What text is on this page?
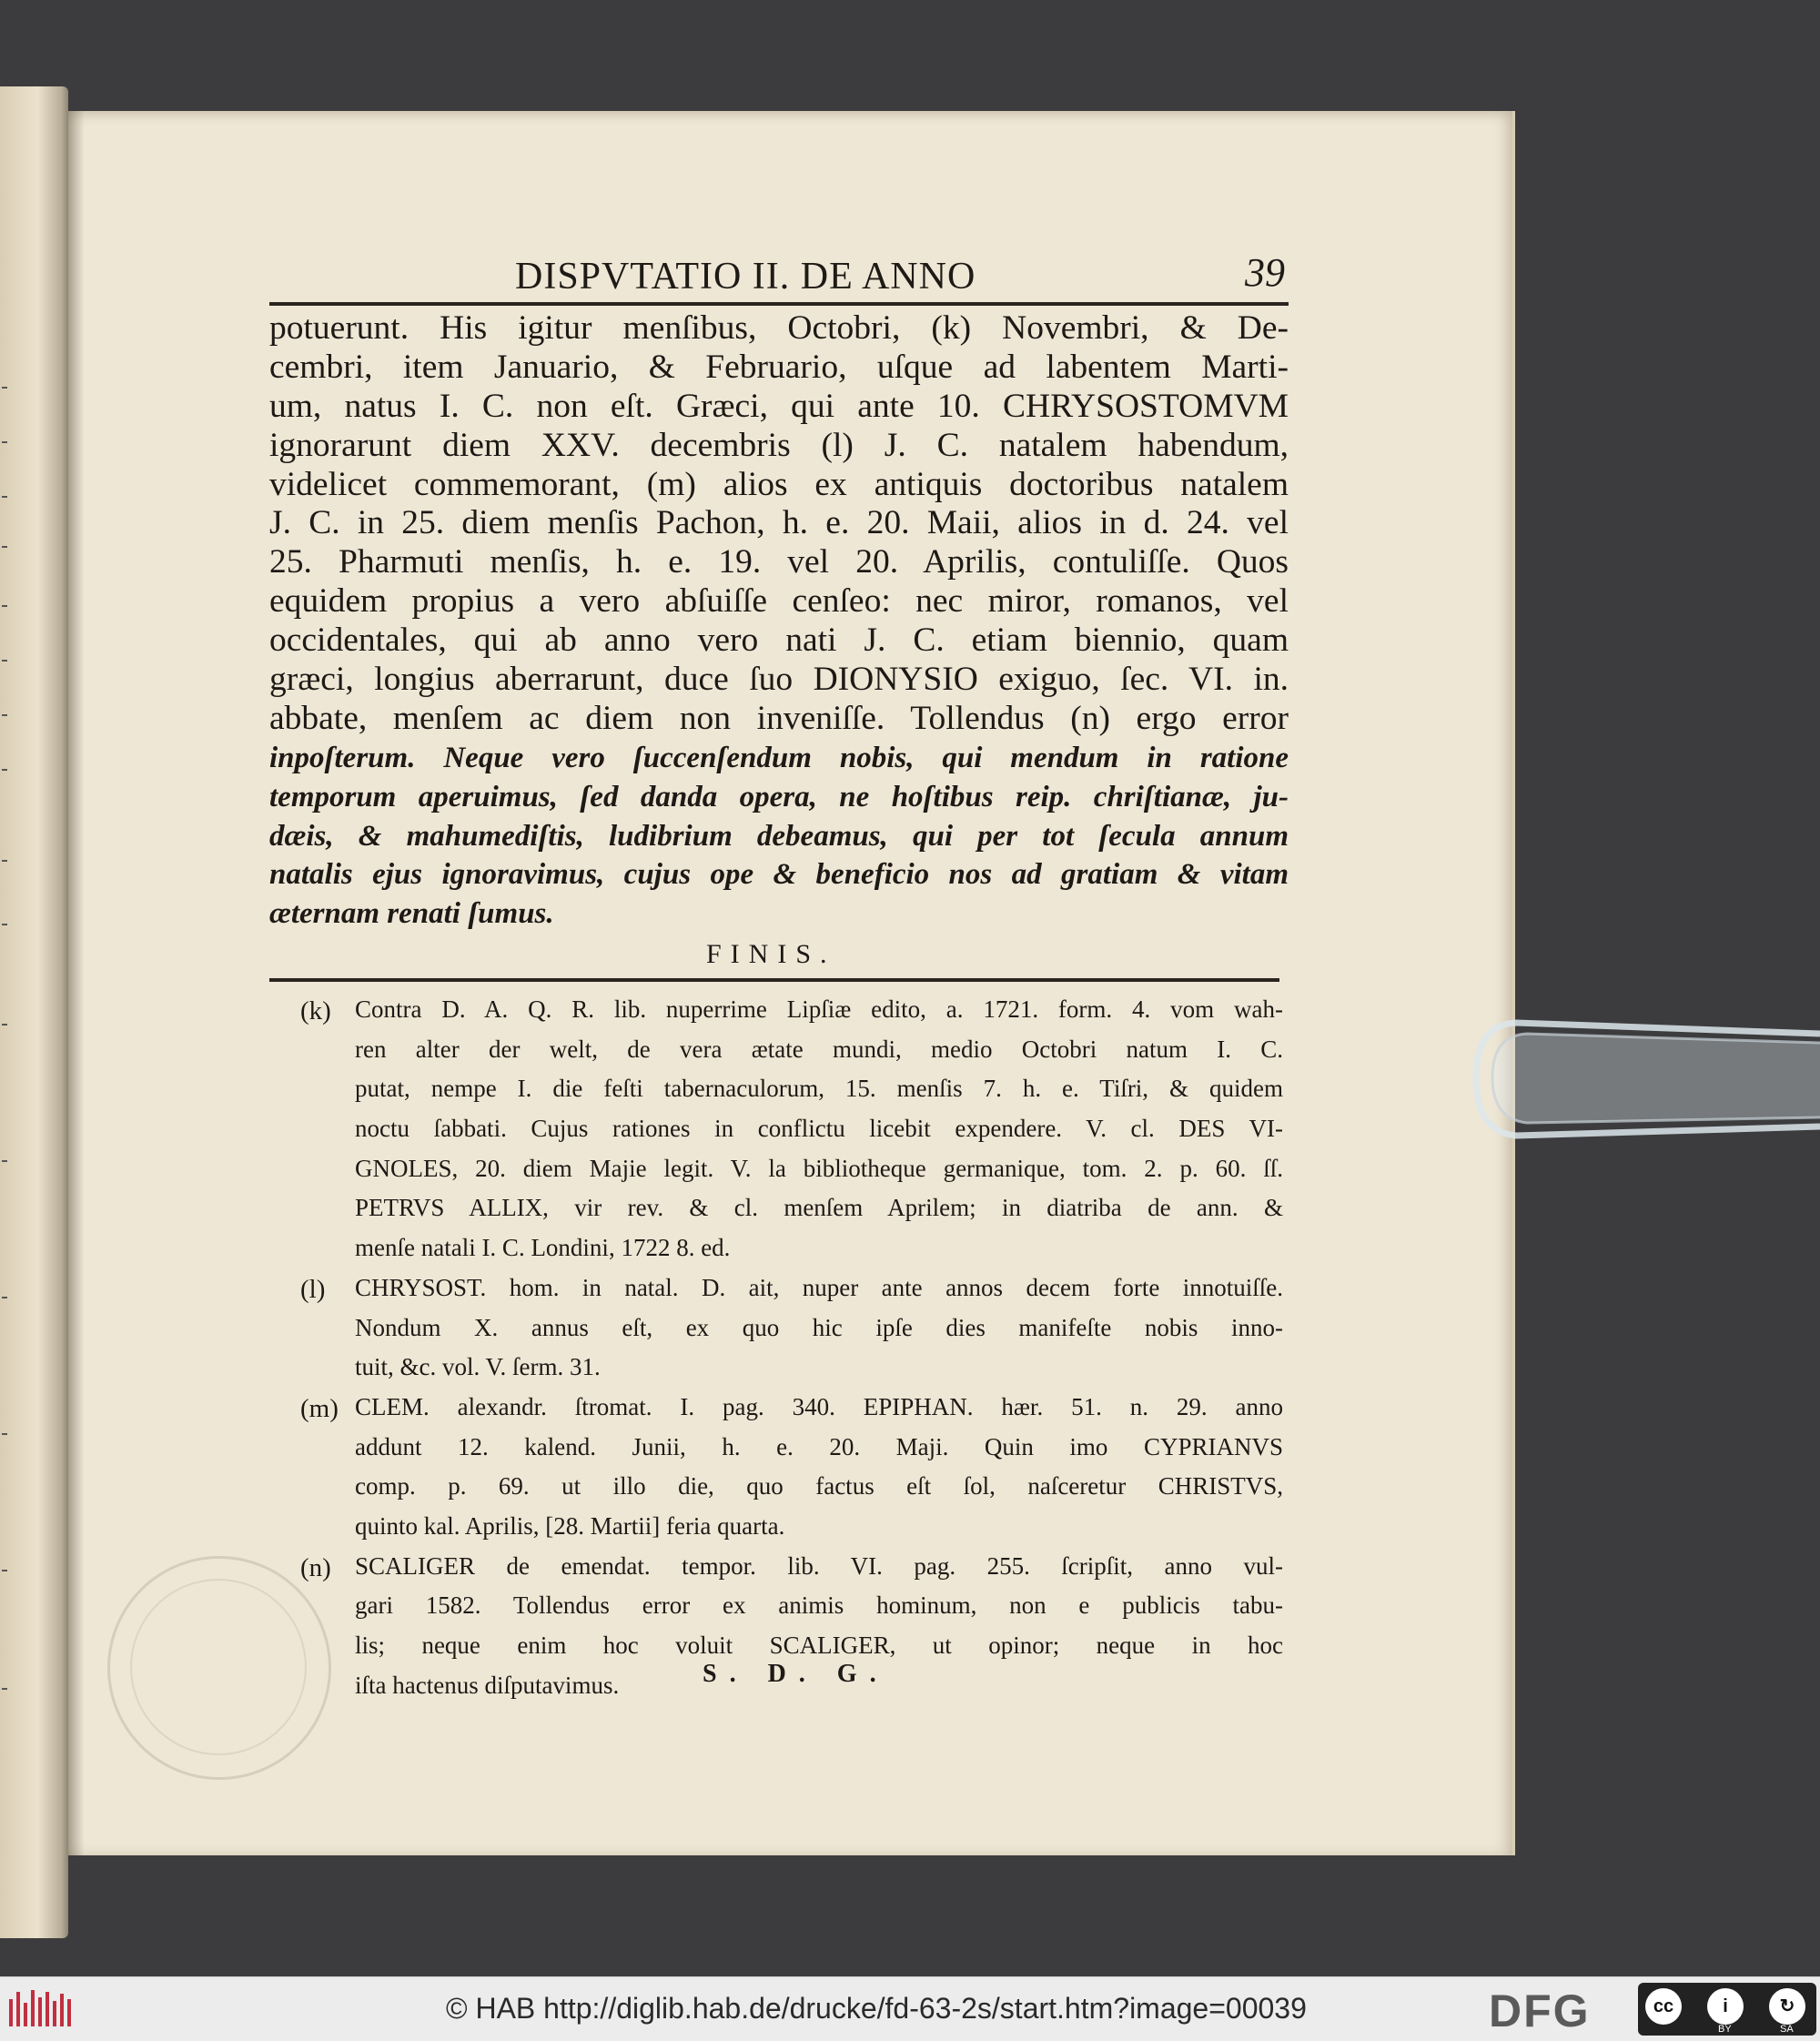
DISPVTATIO II. DE ANNO	39
potuerunt. His igitur menſibus, Octobri, (k) Novembri, & De-
cembri, item Januario, & Februario, uſque ad labentem Marti-
um, natus I. C. non eſt. Græci, qui ante 10. CHRYSOSTOMVM
ignorarunt diem XXV. decembris (l) J. C. natalem habendum,
videlicet commemorant, (m) alios ex antiquis doctoribus natalem
J. C. in 25. diem menſis Pachon, h. e. 20. Maii, alios in d. 24. vel
25. Pharmuti menſis, h. e. 19. vel 20. Aprilis, contuliſſe. Quos
equidem propius a vero abſuiſſe cenſeo: nec miror, romanos, vel
occidentales, qui ab anno vero nati J. C. etiam biennio, quam
græci, longius aberrarunt, duce ſuo DIONYSIO exiguo, ſec. VI. in.
abbate, menſem ac diem non inveniſſe. Tollendus (n) ergo error
inpoſterum. Neque vero ſuccenſendum nobis, qui mendum in ratione
temporum aperuimus, ſed danda opera, ne hoſtibus reip. chriſtianæ, ju-
dæis, & mahumediſtis, ludibrium debeamus, qui per tot ſecula annum
natalis ejus ignoravimus, cujus ope & beneficio nos ad gratiam & vitam
æternam renati ſumus.
FINIS.
(k) Contra D. A. Q. R. lib. nuperrime Lipſiæ edito, a. 1721. form. 4. vom wah-
ren alter der welt, de vera ætate mundi, medio Octobri natum I. C.
putat, nempe I. die feſti tabernaculorum, 15. menſis 7. h. e. Tiſri, & quidem
noctu ſabbati. Cujus rationes in conflictu licebit expendere. V. cl. DES VI-
GNOLES, 20. diem Majie legit. V. la bibliotheque germanique, tom. 2. p. 60. ſſ.
PETRVS ALLIX, vir rev. & cl. menſem Aprilem; in diatriba de ann. &
menſe natali I. C. Londini, 1722 8. ed.
(l) CHRYSOST. hom. in natal. D. ait, nuper ante annos decem forte innotuiſſe.
Nondum X. annus eſt, ex quo hic ipſe dies manifeſte nobis inno-
tuit, &c. vol. V. ſerm. 31.
(m) CLEM. alexandr. ſtromat. I. pag. 340. EPIPHAN. hær. 51. n. 29. anno
addunt 12. kalend. Junii, h. e. 20. Maji. Quin imo CYPRIANVS
comp. p. 69. ut illo die, quo factus eſt ſol, naſceretur CHRISTVS,
quinto kal. Aprilis, [28. Martii] feria quarta.
(n) SCALIGER de emendat. tempor. lib. VI. pag. 255. ſcripſit, anno vul-
gari 1582. Tollendus error ex animis hominum, non e publicis tabu-
lis; neque enim hoc voluit SCALIGER, ut opinor; neque in hoc
iſta hactenus diſputavimus.	S. D. G.
© HAB http://diglib.hab.de/drucke/fd-63-2s/start.htm?image=00039	DFG	cc	i	↻
BY	SA
